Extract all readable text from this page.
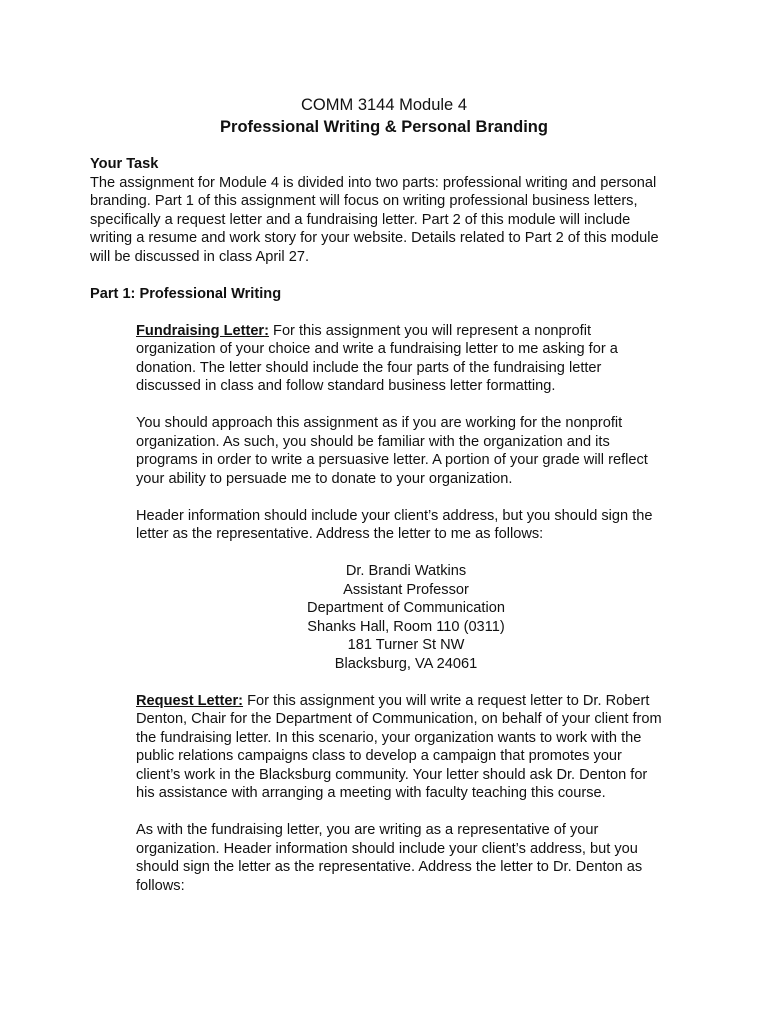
COMM 3144 Module 4
Professional Writing & Personal Branding

Your Task

The assignment for Module 4 is divided into two parts: professional writing and personal
branding. Part 1 of this assignment will focus on writing professional business letters,
specifically a request letter and a fundraising letter. Part 2 of this module will include
writing a resume and work story for your website. Details related to Part 2 of this module
will be discussed in class April 27.

Part 1: Professional Writing

Fundraising Letter: For this assignment you will represent a nonprofit
organization of your choice and write a fundraising letter to me asking for a
donation. The letter should include the four parts of the fundraising letter
discussed in class and follow standard business letter formatting.
You should approach this assignment as if you are working for the nonprofit
organization. As such, you should be familiar with the organization and its
programs in order to write a persuasive letter. A portion of your grade will reflect
your ability to persuade me to donate to your organization.
Header information should include your client’s address, but you should sign the
letter as the representative. Address the letter to me as follows:
Dr. Brandi Watkins
Assistant Professor
Department of Communication
Shanks Hall, Room 110 (0311)
181 Turner St NW
Blacksburg, VA 24061
Request Letter: For this assignment you will write a request letter to Dr. Robert
Denton, Chair for the Department of Communication, on behalf of your client from
the fundraising letter. In this scenario, your organization wants to work with the
public relations campaigns class to develop a campaign that promotes your
client’s work in the Blacksburg community. Your letter should ask Dr. Denton for
his assistance with arranging a meeting with faculty teaching this course.
As with the fundraising letter, you are writing as a representative of your
organization. Header information should include your client’s address, but you
should sign the letter as the representative. Address the letter to Dr. Denton as
follows:
